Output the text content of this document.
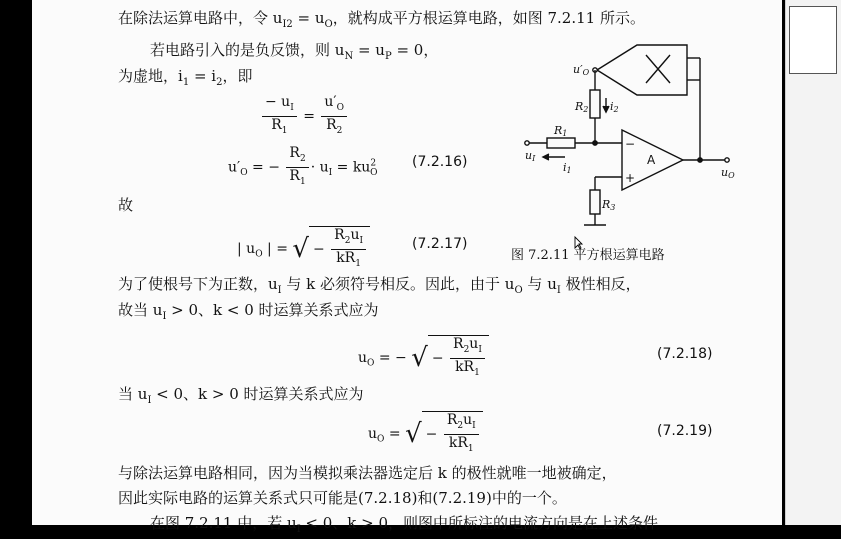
在除法运算电路中，令 $u_{I2} = u_O$，就构成平方根运算电路，如图 7.2.11 所示。
若电路引入的是负反馈，则 $u_N = u_P = 0$，
为虚地，$i_1 = i_2$，即
$\frac{- u_I}{R_1} = \frac{u'_O}{R_2}$
$u'_O$ = − $\frac{R_2}{R_1} \cdot u_I = ku^2_O$
(7.2.16)
故
| $u_O$ | = √ − $\frac{R_2u_I}{kR_1}$	(7.2.17)
为了使根号下为正数，$u_I$ 与 k 必须符号相反。因此，由于 $u_O$ 与 $u_I$ 极性相反，
故当 $u_I > 0$、k < 0 时运算关系式应为
$u_O$ = − √ − $\frac{R_2u_I}{kR_1}$	(7.2.18)
当 $u_I < 0$、k > 0 时运算关系式应为
$u_O$ = √ − $\frac{R_2u_I}{kR_1}$	(7.2.19)
与除法运算电路相同，因为当模拟乘法器选定后 k 的极性就唯一地被确定，
因此实际电路的运算关系式只可能是(7.2.18)和(7.2.19)中的一个。
在图 7.2.11 中，若 $u_I < 0$、k > 0，则图中所标注的电流方向是在上述条件
u′O
R2 i2
R1
uI
i1
R3
uO
A
−
+
图 7.2.11 平方根运算电路
